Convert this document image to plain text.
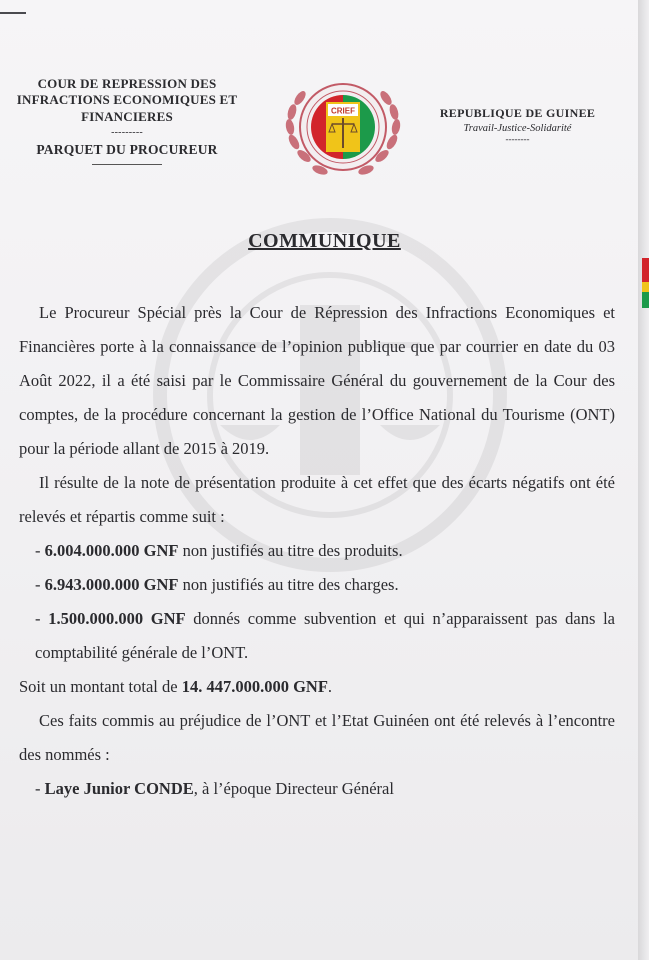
COUR DE REPRESSION DES
INFRACTIONS ECONOMIQUES ET
FINANCIERES
---------
PARQUET DU PROCUREUR
CRIEF	REPUBLIQUE DE GUINEE
Travail-Justice-Solidarité
--------
COMMUNIQUE

Le Procureur Spécial près la Cour de Répression des Infractions Economiques et Financières porte à la connaissance de l’opinion publique que par courrier en date du 03 Août 2022, il a été saisi par le Commissaire Général du gouvernement de la Cour des comptes, de la procédure concernant la gestion de l’Office National du Tourisme (ONT) pour la période allant de 2015 à 2019.

Il résulte de la note de présentation produite à cet effet que des écarts négatifs ont été relevés et répartis comme suit :

- 6.004.000.000 GNF non justifiés au titre des produits.

- 6.943.000.000 GNF non justifiés au titre des charges.

- 1.500.000.000 GNF donnés comme subvention et qui n’apparaissent pas dans la comptabilité générale de l’ONT.

Soit un montant total de 14. 447.000.000 GNF.

Ces faits commis au préjudice de l’ONT et l’Etat Guinéen ont été relevés à l’encontre des nommés :

- Laye Junior CONDE, à l’époque Directeur Général
